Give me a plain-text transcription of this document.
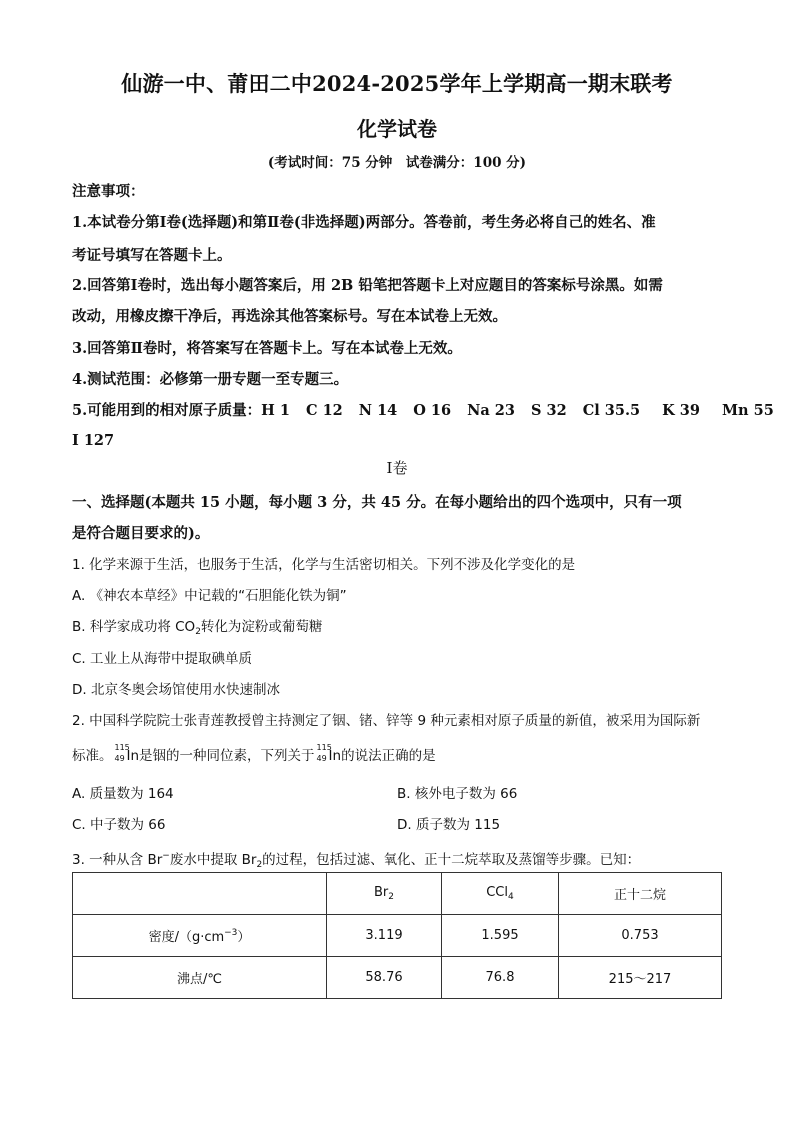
仙游一中、莆田二中2024-2025学年上学期高一期末联考
化学试卷
(考试时间：75 分钟　试卷满分：100 分)
注意事项：
1.本试卷分第Ⅰ卷(选择题)和第Ⅱ卷(非选择题)两部分。答卷前，考生务必将自己的姓名、准
考证号填写在答题卡上。
2.回答第Ⅰ卷时，选出每小题答案后，用 2B 铅笔把答题卡上对应题目的答案标号涂黑。如需
改动，用橡皮擦干净后，再选涂其他答案标号。写在本试卷上无效。
3.回答第Ⅱ卷时，将答案写在答题卡上。写在本试卷上无效。
4.测试范围：必修第一册专题一至专题三。
5.可能用到的相对原子质量：H 1 C 12 N 14 O 16 Na 23 S 32 Cl 35.5 K 39 Mn 55
I 127
Ⅰ卷
一、选择题(本题共 15 小题，每小题 3 分，共 45 分。在每小题给出的四个选项中，只有一项
是符合题目要求的)。
1. 化学来源于生活，也服务于生活，化学与生活密切相关。下列不涉及化学变化的是
A. 《神农本草经》中记载的“石胆能化铁为铜”
B. 科学家成功将 $CO_2$转化为淀粉或葡萄糖
C. 工业上从海带中提取碘单质
D. 北京冬奥会场馆使用水快速制冰
2. 中国科学院院士张青莲教授曾主持测定了铟、锗、锌等 9 种元素相对原子质量的新值，被采用为国际新
标准。
115
49 In是铟的一种同位素，下列关于
115
49 In的说法正确的是
A. 质量数为 164	B. 核外电子数为 66
C. 中子数为 66	D. 质子数为 115
3. 一种从含 Br−废水中提取 $Br_2$的过程，包括过滤、氧化、正十二烷萃取及蒸馏等步骤。已知：
	$Br_2$	CCl$_4$	正十二烷
密度$/(g\cdot cm^{-3})$	3.119	1.595	0.753
沸点/℃	58.76	76.8	215～217
